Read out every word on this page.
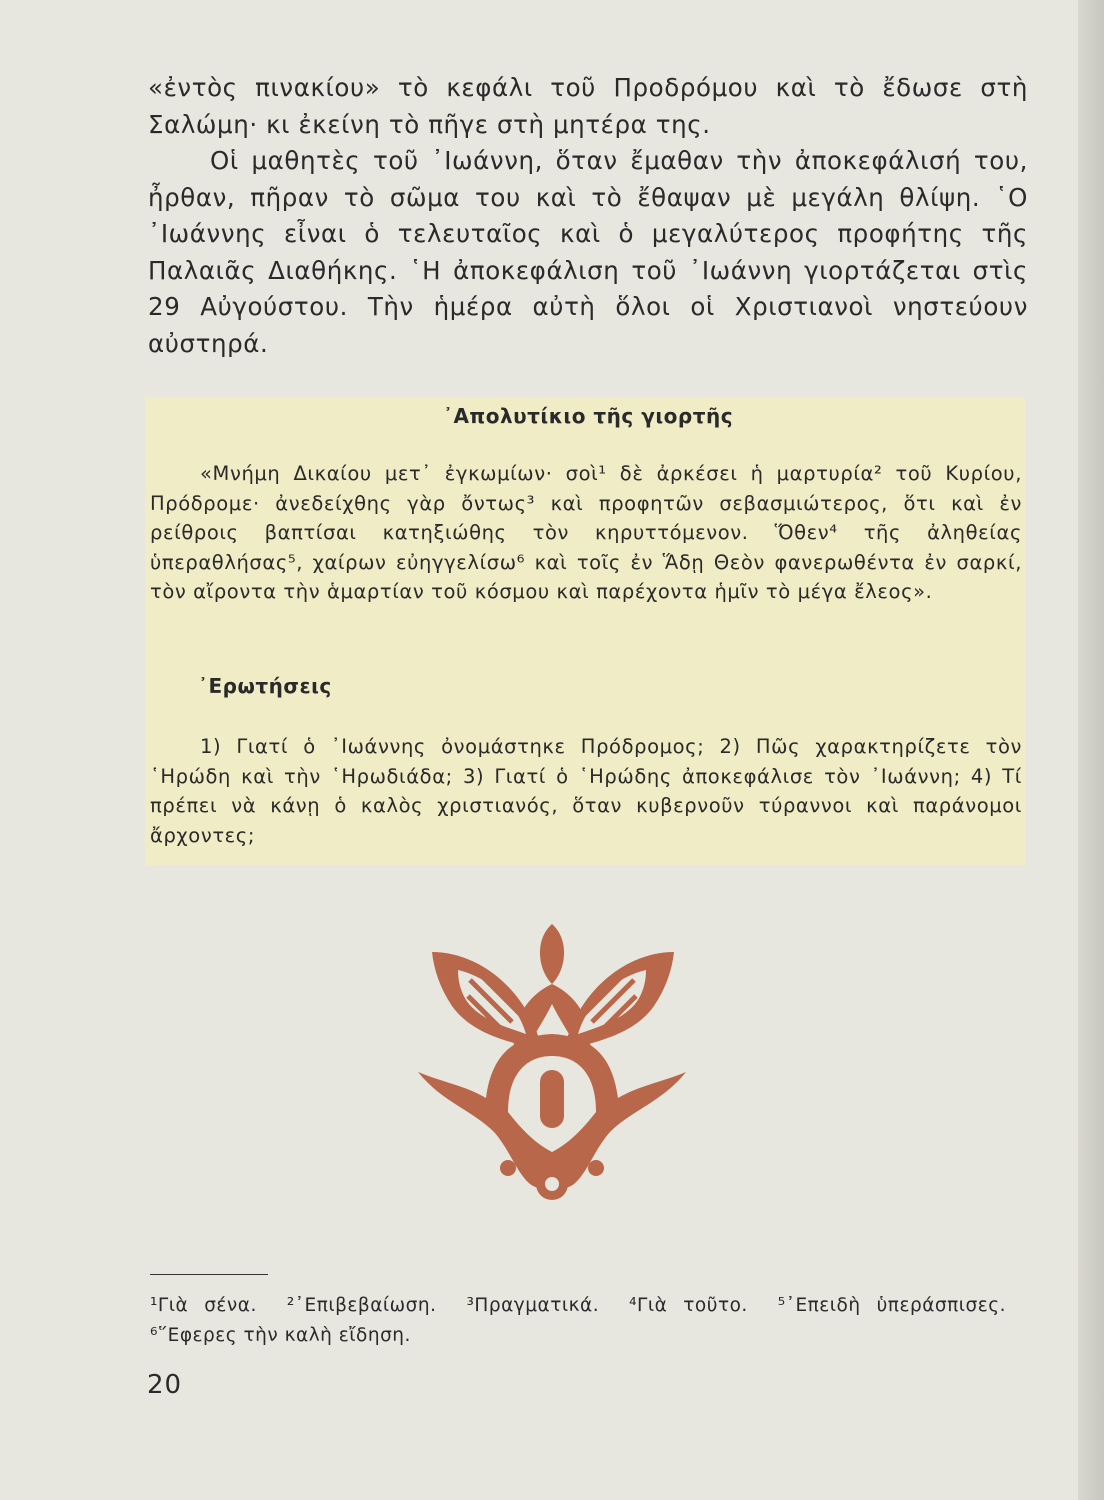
«ἐντὸς πινακίου» τὸ κεφάλι τοῦ Προδρόμου καὶ τὸ ἔδωσε στὴ Σαλώμη· κι ἐκείνη τὸ πῆγε στὴ μητέρα της.

Οἱ μαθητὲς τοῦ ᾿Ιωάννη, ὅταν ἔμαθαν τὴν ἀποκεφάλισή του, ἦρθαν, πῆραν τὸ σῶμα του καὶ τὸ ἔθαψαν μὲ μεγάλη θλίψη. ῾Ο ᾿Ιωάννης εἶναι ὁ τελευταῖος καὶ ὁ μεγαλύτερος προφήτης τῆς Παλαιᾶς Διαθήκης. ῾Η ἀποκεφάλιση τοῦ ᾿Ιωάννη γιορτάζεται στὶς 29 Αὐγούστου. Τὴν ἡμέρα αὐτὴ ὅλοι οἱ Χριστιανοὶ νηστεύουν αὐστηρά.

᾿Απολυτίκιο τῆς γιορτῆς
«Μνήμη Δικαίου μετ᾿ ἐγκωμίων· σοὶ¹ δὲ ἀρκέσει ἡ μαρτυρία² τοῦ Κυρίου, Πρόδρομε· ἀνεδείχθης γὰρ ὄντως³ καὶ προφητῶν σεβασμιώτερος, ὅτι καὶ ἐν ρείθροις βαπτίσαι κατηξιώθης τὸν κηρυττόμενον. Ὅθεν⁴ τῆς ἀληθείας ὑπεραθλήσας⁵, χαίρων εὐηγγελίσω⁶ καὶ τοῖς ἐν Ἅδῃ Θεὸν φανερωθέντα ἐν σαρκί, τὸν αἴροντα τὴν ἁμαρτίαν τοῦ κόσμου καὶ παρέχοντα ἡμῖν τὸ μέγα ἔλεος».
᾿Ερωτήσεις
1) Γιατί ὁ ᾿Ιωάννης ὀνομάστηκε Πρόδρομος; 2) Πῶς χαρακτηρίζετε τὸν ῾Ηρώδη καὶ τὴν ῾Ηρωδιάδα; 3) Γιατί ὁ ῾Ηρώδης ἀποκεφάλισε τὸν ᾿Ιωάννη; 4) Τί πρέπει νὰ κάνῃ ὁ καλὸς χριστιανός, ὅταν κυβερνοῦν τύραννοι καὶ παράνομοι ἄρχοντες;
¹Γιὰ σένα. ²᾿Επιβεβαίωση. ³Πραγματικά. ⁴Γιὰ τοῦτο. ⁵᾿Επειδὴ ὑπεράσπισες. ⁶῞Εφερες τὴν καλὴ εἴδηση.
20
